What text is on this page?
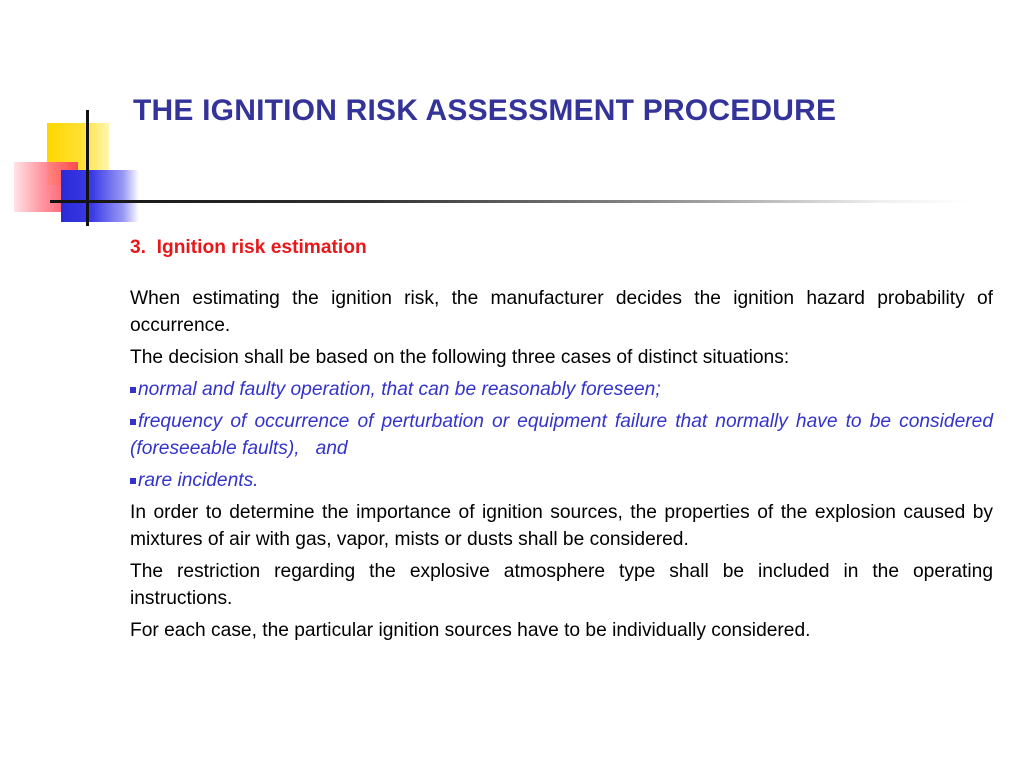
THE IGNITION RISK ASSESSMENT PROCEDURE

3.  Ignition risk estimation

When estimating the ignition risk, the manufacturer decides the ignition hazard probability of occurrence.

The decision shall be based on the following three cases of distinct situations:

normal and faulty operation, that can be reasonably foreseen;

frequency of occurrence of perturbation or equipment failure that normally have to be considered (foreseeable faults),   and

rare incidents.

In order to determine the importance of ignition sources, the properties of the explosion caused by mixtures of air with gas, vapor, mists or dusts shall be considered.

The restriction regarding the explosive atmosphere type shall be included in the operating instructions.

For each case, the particular ignition sources have to be individually considered.
